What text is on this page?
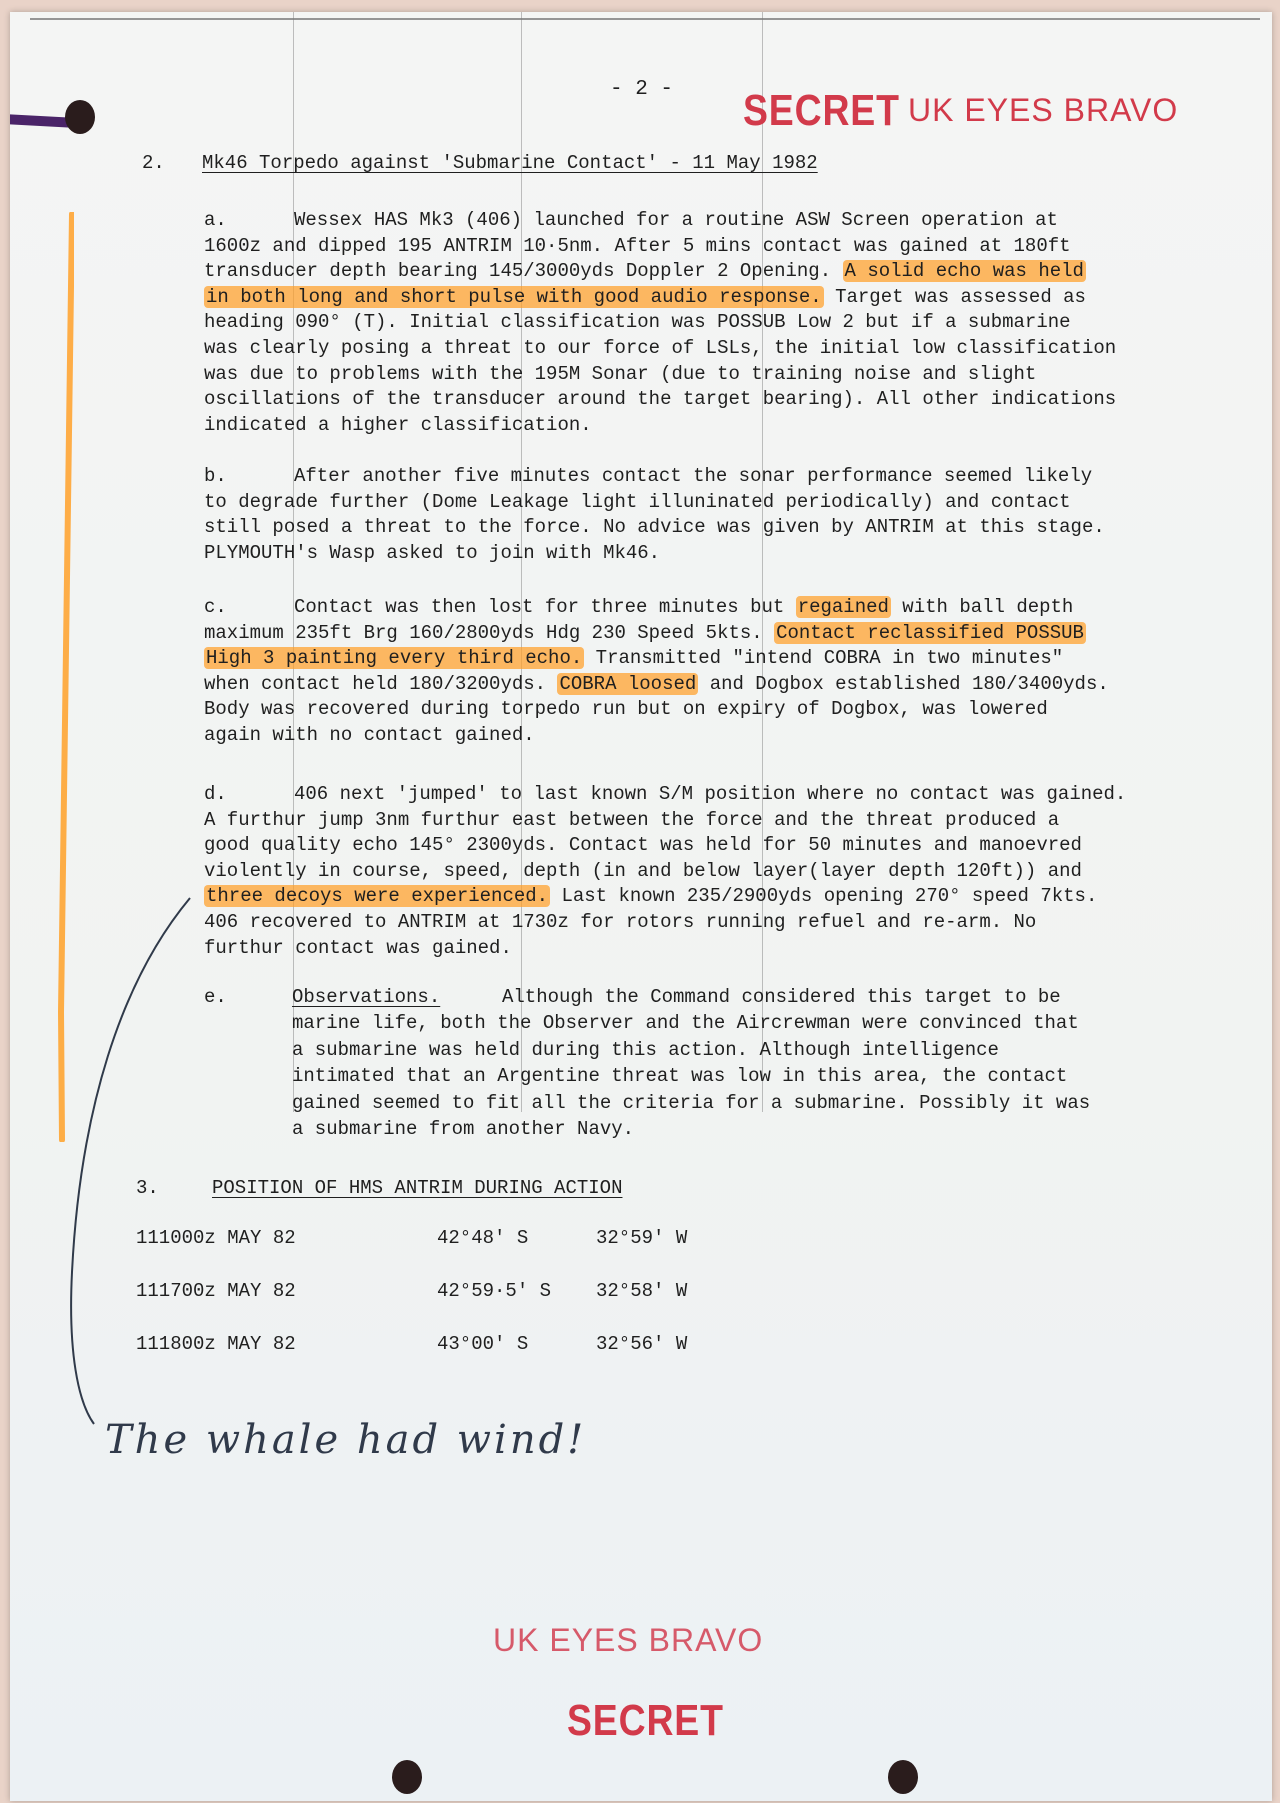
- 2 - SECRET UK EYES BRAVO
2. Mk46 Torpedo against 'Submarine Contact' - 11 May 1982
a.	Wessex HAS Mk3 (406) launched for a routine ASW Screen operation at
1600z and dipped 195 ANTRIM 10·5nm. After 5 mins contact was gained at 180ft
transducer depth bearing 145/3000yds Doppler 2 Opening. A solid echo was held
in both long and short pulse with good audio response. Target was assessed as
heading 090° (T). Initial classification was POSSUB Low 2 but if a submarine
was clearly posing a threat to our force of LSLs, the initial low classification
was due to problems with the 195M Sonar (due to training noise and slight
oscillations of the transducer around the target bearing). All other indications
indicated a higher classification.
b.	After another five minutes contact the sonar performance seemed likely
to degrade further (Dome Leakage light illuninated periodically) and contact
still posed a threat to the force. No advice was given by ANTRIM at this stage.
PLYMOUTH's Wasp asked to join with Mk46.
c.	Contact was then lost for three minutes but regained with ball depth
maximum 235ft Brg 160/2800yds Hdg 230 Speed 5kts. Contact reclassified POSSUB
High 3 painting every third echo. Transmitted "intend COBRA in two minutes"
when contact held 180/3200yds. COBRA loosed and Dogbox established 180/3400yds.
Body was recovered during torpedo run but on expiry of Dogbox, was lowered
again with no contact gained.
d.	406 next 'jumped' to last known S/M position where no contact was gained.
A furthur jump 3nm furthur east between the force and the threat produced a
good quality echo 145° 2300yds. Contact was held for 50 minutes and manoevred
violently in course, speed, depth (in and below layer(layer depth 120ft)) and
three decoys were experienced. Last known 235/2900yds opening 270° speed 7kts.
406 recovered to ANTRIM at 1730z for rotors running refuel and re-arm. No
furthur contact was gained.
e.	Observations.	Although the Command considered this target to be
marine life, both the Observer and the Aircrewman were convinced that
a submarine was held during this action. Although intelligence
intimated that an Argentine threat was low in this area, the contact
gained seemed to fit all the criteria for a submarine. Possibly it was
a submarine from another Navy.
3.	POSITION OF HMS ANTRIM DURING ACTION
111000z MAY 82	42°48' S	32°59' W
111700z MAY 82	42°59·5' S 32°58' W
111800z MAY 82	43°00' S	32°56' W
The whale had wind!
UK EYES BRAVO
SECRET
